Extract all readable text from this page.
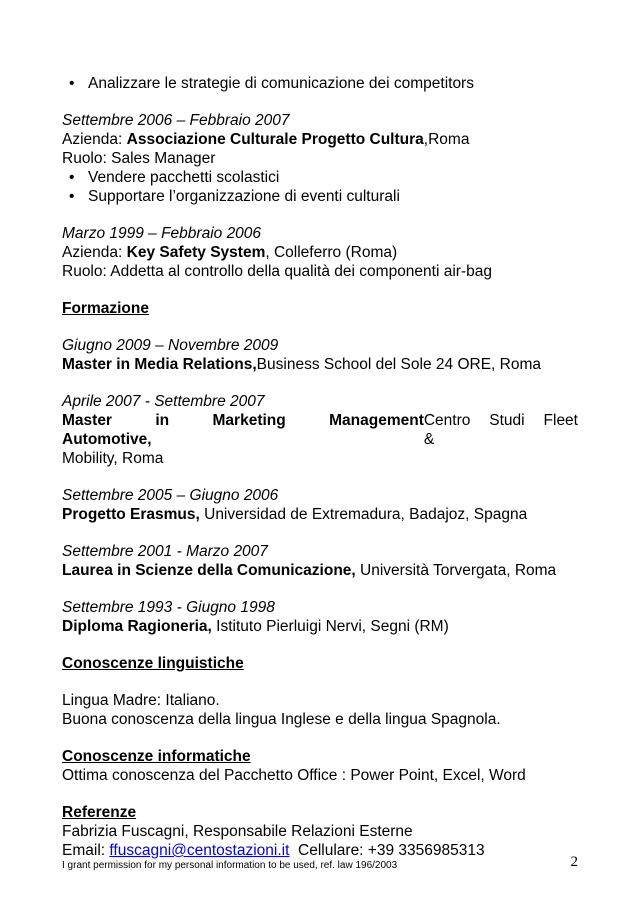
• Analizzare le strategie di comunicazione dei competitors
Settembre 2006 – Febbraio 2007
Azienda: Associazione Culturale Progetto Cultura,Roma
Ruolo: Sales Manager
• Vendere pacchetti scolastici
• Supportare l’organizzazione di eventi culturali
Marzo 1999 – Febbraio 2006
Azienda: Key Safety System, Colleferro (Roma)
Ruolo: Addetta al controllo della qualità dei componenti air-bag
Formazione
Giugno 2009 – Novembre 2009
Master in Media Relations,Business School del Sole 24 ORE, Roma
Aprile 2007 - Settembre 2007
Master in Marketing Management Automotive,
Centro Studi Fleet &
Mobility, Roma
Settembre 2005 – Giugno 2006
Progetto Erasmus, Universidad de Extremadura, Badajoz, Spagna
Settembre 2001 - Marzo 2007
Laurea in Scienze della Comunicazione, Università Torvergata, Roma
Settembre 1993 - Giugno 1998
Diploma Ragioneria, Istituto Pierluigi Nervi, Segni (RM)
Conoscenze linguistiche
Lingua Madre: Italiano.
Buona conoscenza della lingua Inglese e della lingua Spagnola.
Conoscenze informatiche
Ottima conoscenza del Pacchetto Office : Power Point, Excel, Word
Referenze
Fabrizia Fuscagni, Responsabile Relazioni Esterne
Email: ffuscagni@centostazioni.it  Cellulare: +39 3356985313
I grant permission for my personal information to be used, ref. law 196/2003	2
